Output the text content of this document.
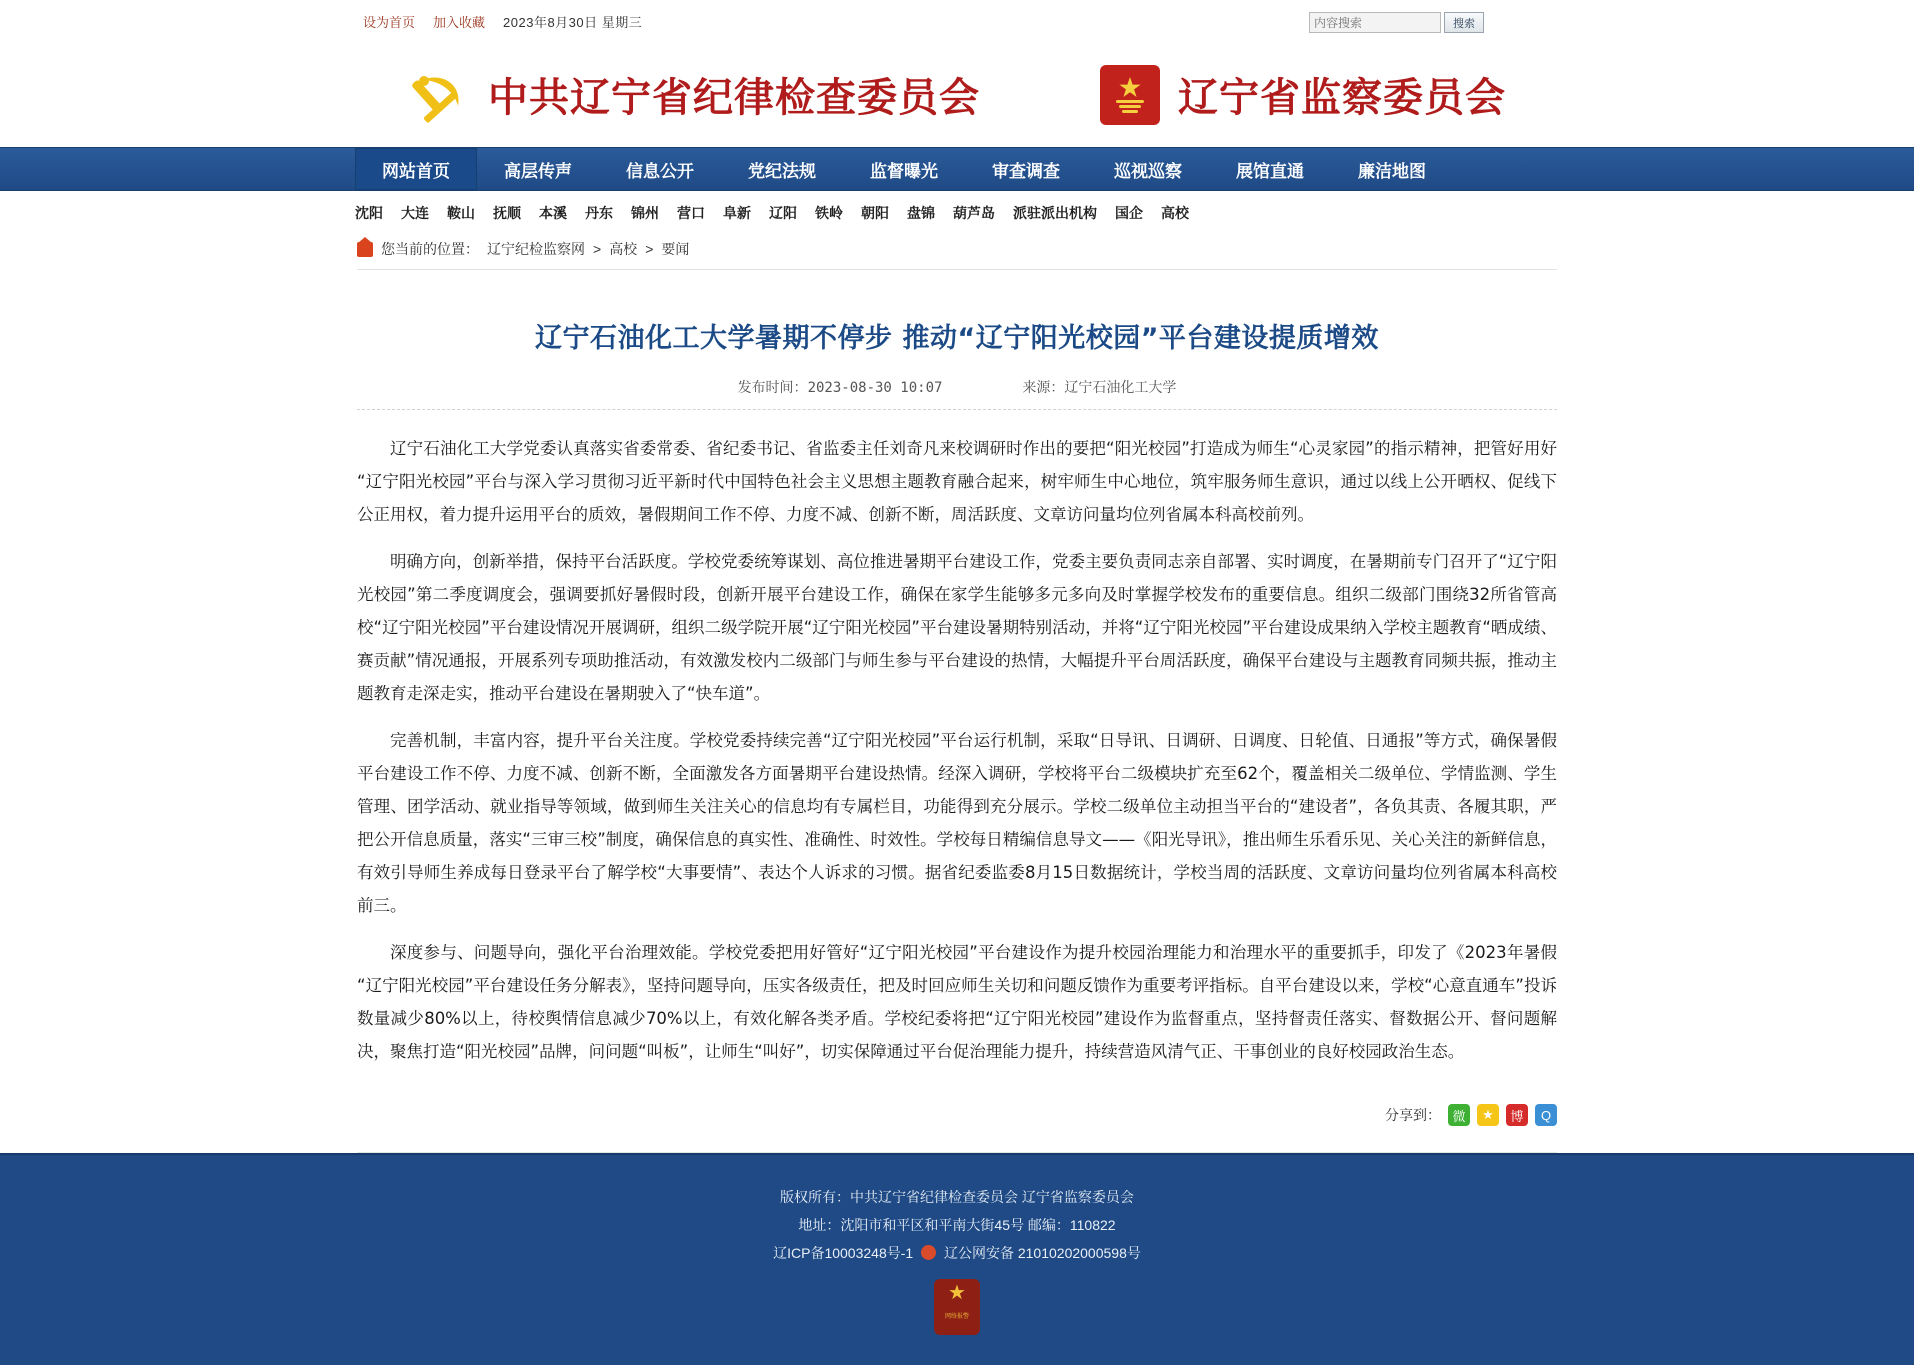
设为首页 加入收藏 2023年8月30日 星期三
内容搜索	搜索
中共辽宁省纪律检查委员会	辽宁省监察委员会
网站首页	高层传声	信息公开	党纪法规	监督曝光	审查调查	巡视巡察	展馆直通	廉洁地图
沈阳 大连 鞍山 抚顺 本溪 丹东 锦州 营口 阜新 辽阳 铁岭 朝阳 盘锦 葫芦岛 派驻派出机构 国企 高校
您当前的位置： 辽宁纪检监察网 > 高校 > 要闻
辽宁石油化工大学暑期不停步 推动“辽宁阳光校园”平台建设提质增效
发布时间：2023-08-30 10:07	来源：辽宁石油化工大学

辽宁石油化工大学党委认真落实省委常委、省纪委书记、省监委主任刘奇凡来校调研时作出的要把“阳光校园”打造成为师生“心灵家园”的指示精神，把管好用好“辽宁阳光校园”平台与深入学习贯彻习近平新时代中国特色社会主义思想主题教育融合起来，树牢师生中心地位，筑牢服务师生意识，通过以线上公开晒权、促线下公正用权，着力提升运用平台的质效，暑假期间工作不停、力度不减、创新不断，周活跃度、文章访问量均位列省属本科高校前列。

明确方向，创新举措，保持平台活跃度。学校党委统筹谋划、高位推进暑期平台建设工作，党委主要负责同志亲自部署、实时调度，在暑期前专门召开了“辽宁阳光校园”第二季度调度会，强调要抓好暑假时段，创新开展平台建设工作，确保在家学生能够多元多向及时掌握学校发布的重要信息。组织二级部门围绕32所省管高校“辽宁阳光校园”平台建设情况开展调研，组织二级学院开展“辽宁阳光校园”平台建设暑期特别活动，并将“辽宁阳光校园”平台建设成果纳入学校主题教育“晒成绩、赛贡献”情况通报，开展系列专项助推活动，有效激发校内二级部门与师生参与平台建设的热情，大幅提升平台周活跃度，确保平台建设与主题教育同频共振，推动主题教育走深走实，推动平台建设在暑期驶入了“快车道”。

完善机制，丰富内容，提升平台关注度。学校党委持续完善“辽宁阳光校园”平台运行机制，采取“日导讯、日调研、日调度、日轮值、日通报”等方式，确保暑假平台建设工作不停、力度不减、创新不断，全面激发各方面暑期平台建设热情。经深入调研，学校将平台二级模块扩充至62个，覆盖相关二级单位、学情监测、学生管理、团学活动、就业指导等领域，做到师生关注关心的信息均有专属栏目，功能得到充分展示。学校二级单位主动担当平台的“建设者”，各负其责、各履其职，严把公开信息质量，落实“三审三校”制度，确保信息的真实性、准确性、时效性。学校每日精编信息导文——《阳光导讯》，推出师生乐看乐见、关心关注的新鲜信息，有效引导师生养成每日登录平台了解学校“大事要情”、表达个人诉求的习惯。据省纪委监委8月15日数据统计，学校当周的活跃度、文章访问量均位列省属本科高校前三。

深度参与、问题导向，强化平台治理效能。学校党委把用好管好“辽宁阳光校园”平台建设作为提升校园治理能力和治理水平的重要抓手，印发了《2023年暑假“辽宁阳光校园”平台建设任务分解表》，坚持问题导向，压实各级责任，把及时回应师生关切和问题反馈作为重要考评指标。自平台建设以来，学校“心意直通车”投诉数量减少80%以上，待校舆情信息减少70%以上，有效化解各类矛盾。学校纪委将把“辽宁阳光校园”建设作为监督重点，坚持督责任落实、督数据公开、督问题解决，聚焦打造“阳光校园”品牌，问问题“叫板”，让师生“叫好”，切实保障通过平台促治理能力提升，持续营造风清气正、干事创业的良好校园政治生态。

分享到： 微	★	博	Q
版权所有：中共辽宁省纪律检查委员会 辽宁省监察委员会
地址：沈阳市和平区和平南大街45号 邮编：110822
辽ICP备10003248号-1 辽公网安备 21010202000598号
★
网络报警
